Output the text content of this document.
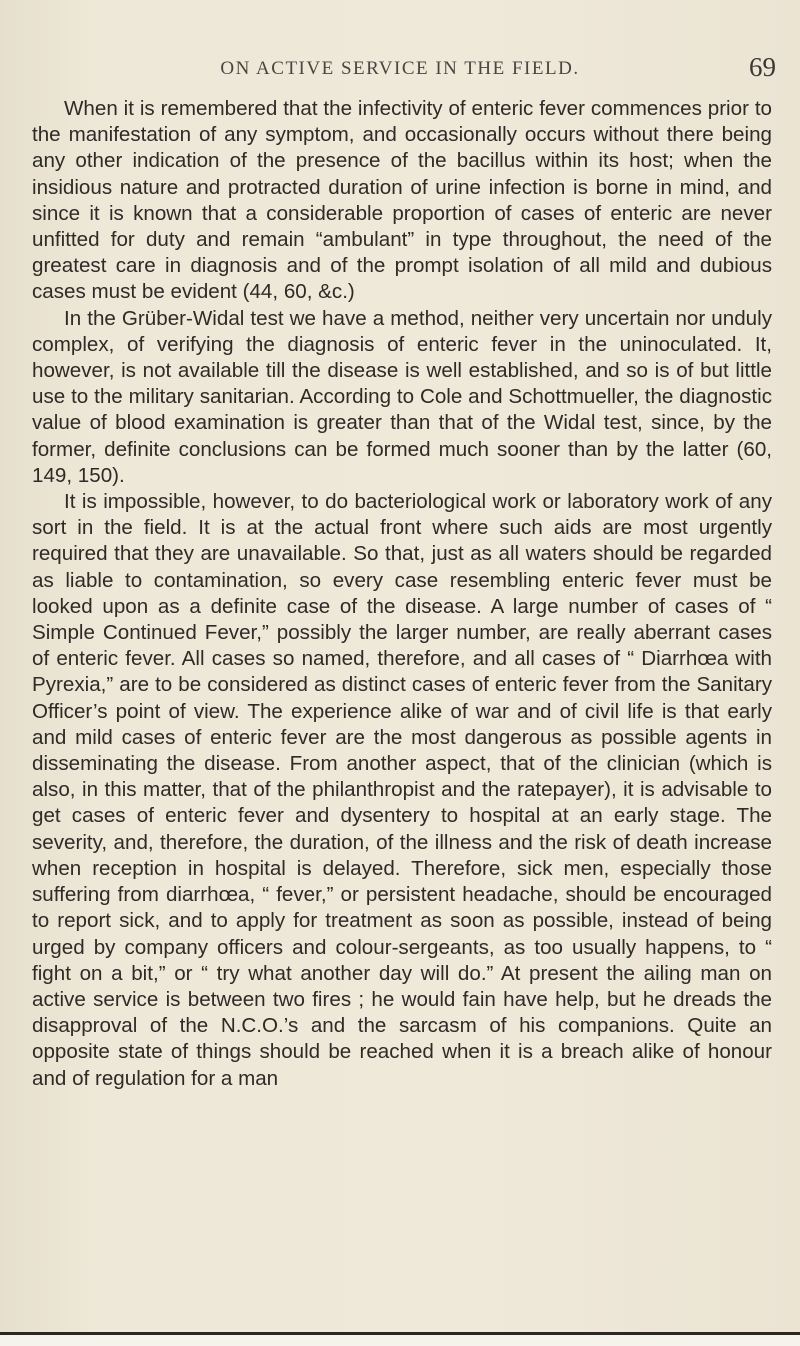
ON ACTIVE SERVICE IN THE FIELD.	69

When it is remembered that the infectivity of enteric fever commences prior to the manifestation of any symptom, and occasionally occurs without there being any other indication of the presence of the bacillus within its host; when the insidious nature and protracted duration of urine infection is borne in mind, and since it is known that a considerable proportion of cases of enteric are never unfitted for duty and remain “ambulant” in type throughout, the need of the greatest care in diagnosis and of the prompt isolation of all mild and dubious cases must be evident (44, 60, &c.)

In the Grüber-Widal test we have a method, neither very uncertain nor unduly complex, of verifying the diagnosis of enteric fever in the uninoculated. It, however, is not available till the disease is well established, and so is of but little use to the military sanitarian. According to Cole and Schottmueller, the diagnostic value of blood examination is greater than that of the Widal test, since, by the former, definite conclusions can be formed much sooner than by the latter (60, 149, 150).

It is impossible, however, to do bacteriological work or laboratory work of any sort in the field. It is at the actual front where such aids are most urgently required that they are unavailable. So that, just as all waters should be regarded as liable to contamination, so every case resembling enteric fever must be looked upon as a definite case of the disease. A large number of cases of “ Simple Continued Fever,” possibly the larger number, are really aberrant cases of enteric fever. All cases so named, therefore, and all cases of “ Diarrhœa with Pyrexia,” are to be considered as distinct cases of enteric fever from the Sanitary Officer’s point of view. The experience alike of war and of civil life is that early and mild cases of enteric fever are the most dangerous as possible agents in disseminating the disease. From another aspect, that of the clinician (which is also, in this matter, that of the philanthropist and the ratepayer), it is advisable to get cases of enteric fever and dysentery to hospital at an early stage. The severity, and, therefore, the duration, of the illness and the risk of death increase when reception in hospital is delayed. Therefore, sick men, especially those suffering from diarrhœa, “ fever,” or persistent headache, should be encouraged to report sick, and to apply for treatment as soon as possible, instead of being urged by company officers and colour-sergeants, as too usually happens, to “ fight on a bit,” or “ try what another day will do.” At present the ailing man on active service is between two fires ; he would fain have help, but he dreads the disapproval of the N.C.O.’s and the sarcasm of his companions. Quite an opposite state of things should be reached when it is a breach alike of honour and of regulation for a man
